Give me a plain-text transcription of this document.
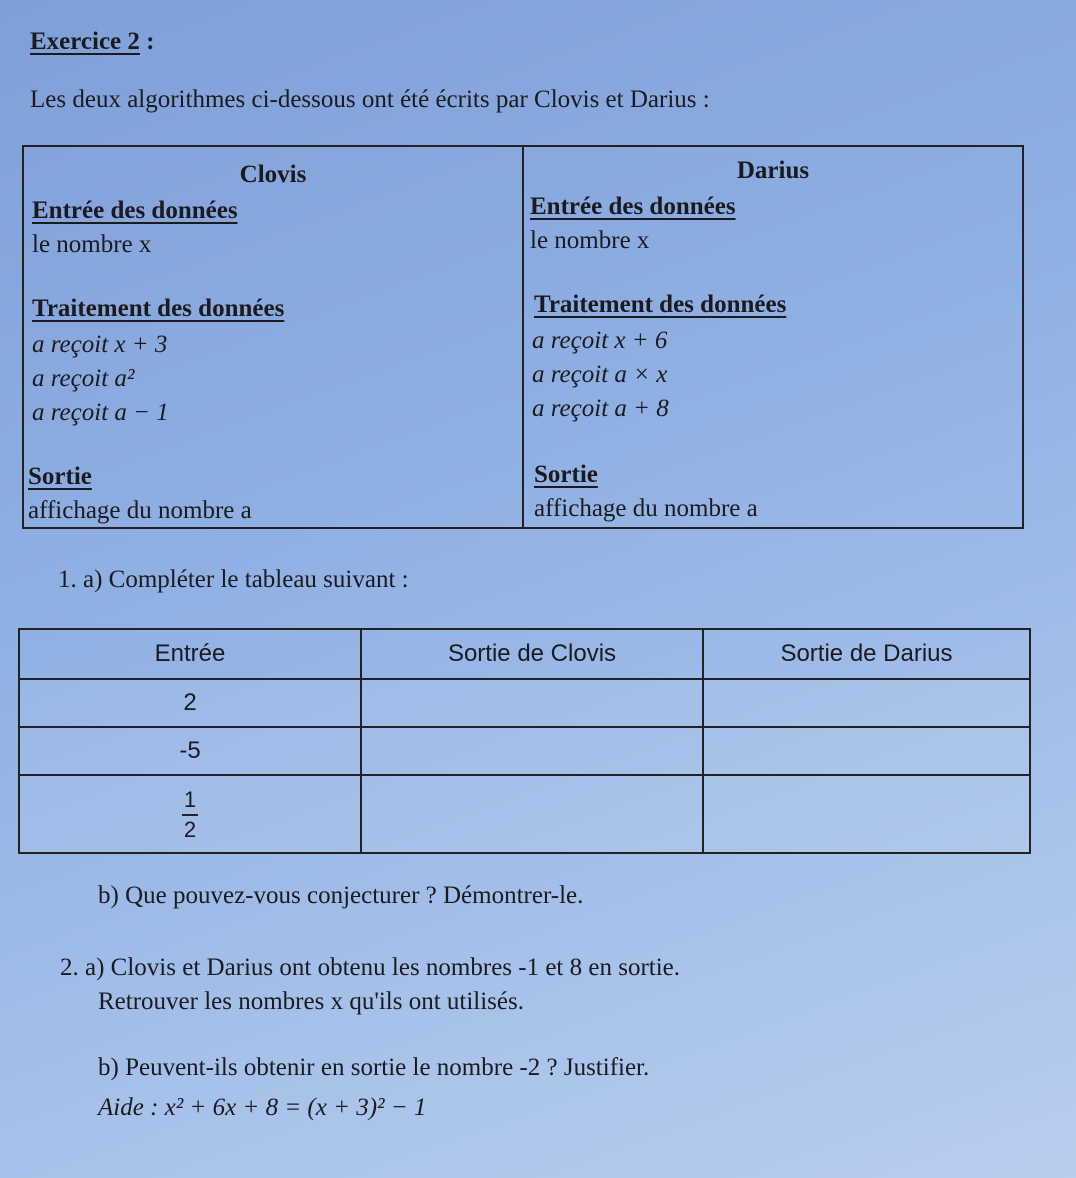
Exercice 2 :
Les deux algorithmes ci-dessous ont été écrits par Clovis et Darius :
Clovis
Entrée des données
le nombre x
Traitement des données
a reçoit x + 3
a reçoit a²
a reçoit a − 1
Sortie
affichage du nombre a
Darius
Entrée des données
le nombre x
Traitement des données
a reçoit x + 6
a reçoit a × x
a reçoit a + 8
Sortie
affichage du nombre a
1. a) Compléter le tableau suivant :
Entrée	Sortie de Clovis	Sortie de Darius
2		
-5		

$\frac{1}{2}$

b) Que pouvez-vous conjecturer ? Démontrer-le.
2. a) Clovis et Darius ont obtenu les nombres -1 et 8 en sortie.
Retrouver les nombres x qu'ils ont utilisés.
b) Peuvent-ils obtenir en sortie le nombre -2 ? Justifier.
Aide : x² + 6x + 8 = (x + 3)² − 1
